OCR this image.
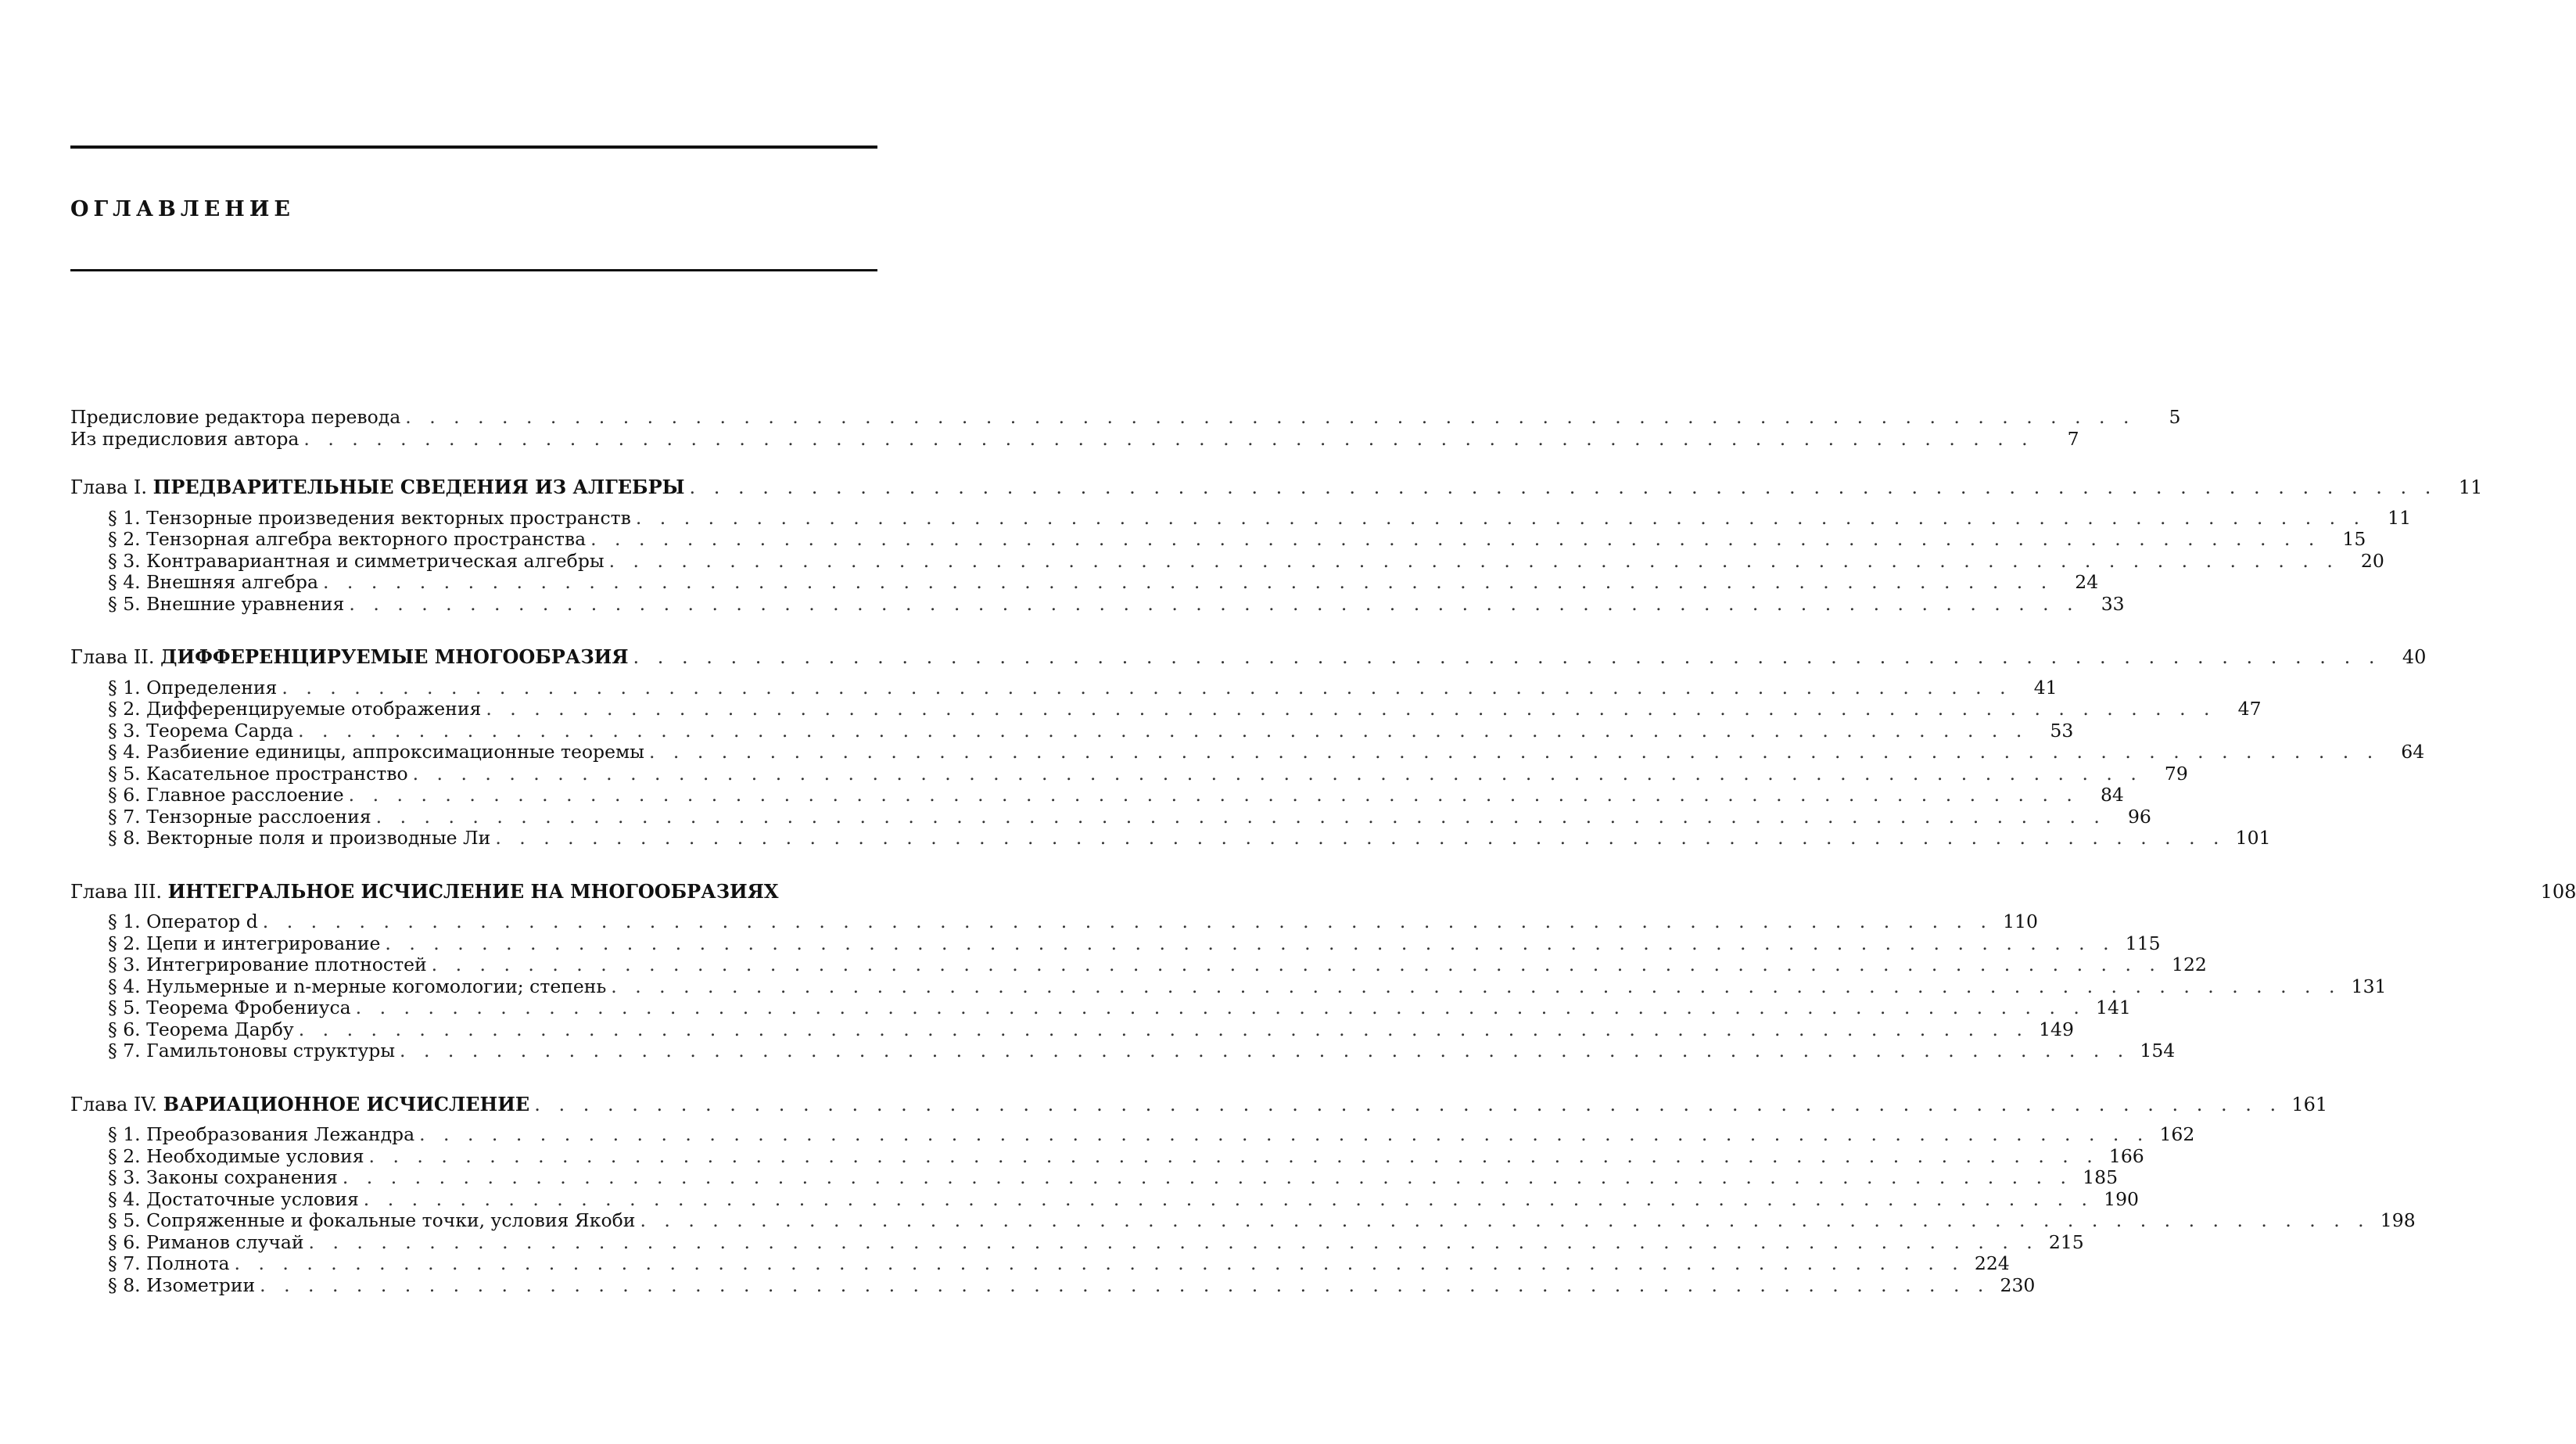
ОГЛАВЛЕНИЕ
Предисловие редактора перевода . . .	5
Из предисловия автора . . .	7
Глава I. ПРЕДВАРИТЕЛЬНЫЕ СВЕДЕНИЯ ИЗ АЛГЕБРЫ . . .	11
§ 1. Тензорные произведения векторных пространств . . .	11
§ 2. Тензорная алгебра векторного пространства . . .	15
§ 3. Контравариантная и симметрическая алгебры . . .	20
§ 4. Внешняя алгебра . . .	24
§ 5. Внешние уравнения . . .	33
Глава II. ДИФФЕРЕНЦИРУЕМЫЕ МНОГООБРАЗИЯ . . .	40
§ 1. Определения . . .	41
§ 2. Дифференцируемые отображения . . .	47
§ 3. Теорема Сарда . . .	53
§ 4. Разбиение единицы, аппроксимационные теоремы . . .	64
§ 5. Касательное пространство . . .	79
§ 6. Главное расслоение . . .	84
§ 7. Тензорные расслоения . . .	96
§ 8. Векторные поля и производные Ли . . .	101
Глава III. ИНТЕГРАЛЬНОЕ ИСЧИСЛЕНИЕ НА МНОГООБРАЗИЯХ	108
§ 1. Оператор d . . .	110
§ 2. Цепи и интегрирование . . .	115
§ 3. Интегрирование плотностей . . .	122
§ 4. Нульмерные и n-мерные когомологии; степень . . .	131
§ 5. Теорема Фробениуса . . .	141
§ 6. Теорема Дарбу . . .	149
§ 7. Гамильтоновы структуры . . .	154
Глава IV. ВАРИАЦИОННОЕ ИСЧИСЛЕНИЕ . . .	161
§ 1. Преобразования Лежандра . . .	162
§ 2. Необходимые условия . . .	166
§ 3. Законы сохранения . . .	185
§ 4. Достаточные условия . . .	190
§ 5. Сопряженные и фокальные точки, условия Якоби . . .	198
§ 6. Риманов случай . . .	215
§ 7. Полнота . . .	224
§ 8. Изометрии . . .	230
